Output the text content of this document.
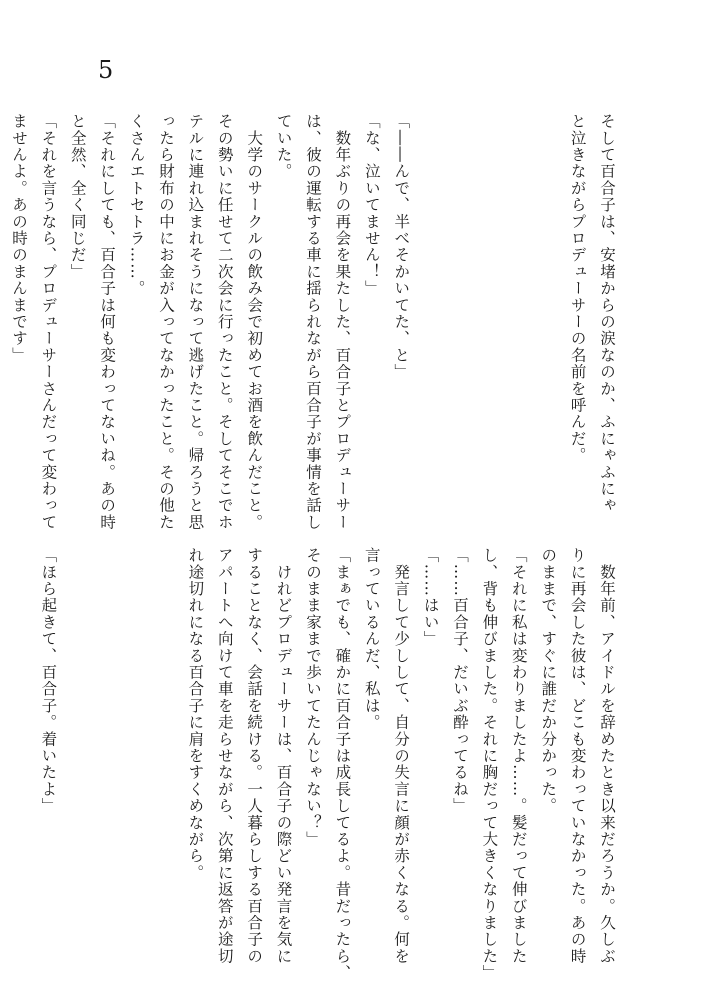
5
そして百合子は、安堵からの涙なのか、ふにゃふにゃ
と泣きながらプロデューサーの名前を呼んだ。
「――んで、半べそかいてた、と」
「な、泣いてません！」
　数年ぶりの再会を果たした、百合子とプロデューサー
は、彼の運転する車に揺られながら百合子が事情を話し
ていた。
　大学のサークルの飲み会で初めてお酒を飲んだこと。
その勢いに任せて二次会に行ったこと。そしてそこでホ
テルに連れ込まれそうになって逃げたこと。帰ろうと思
ったら財布の中にお金が入ってなかったこと。その他た
くさんエトセトラ……。
「それにしても、百合子は何も変わってないね。あの時
と全然、全く同じだ」
「それを言うなら、プロデューサーさんだって変わって
ませんよ。あの時のまんまです」
　数年前、アイドルを辞めたとき以来だろうか。久しぶ
りに再会した彼は、どこも変わっていなかった。あの時
のままで、すぐに誰だか分かった。
「それに私は変わりましたよ……。髪だって伸びました
し、背も伸びました。それに胸だって大きくなりました」
「……百合子、だいぶ酔ってるね」
「……はい」
　発言して少しして、自分の失言に顔が赤くなる。何を
言っているんだ、私は。
「まぁでも、確かに百合子は成長してるよ。昔だったら、
そのまま家まで歩いてたんじゃない？」
　けれどプロデューサーは、百合子の際どい発言を気に
することなく、会話を続ける。一人暮らしする百合子の
アパートへ向けて車を走らせながら、次第に返答が途切
れ途切れになる百合子に肩をすくめながら。
「ほら起きて、百合子。着いたよ」
